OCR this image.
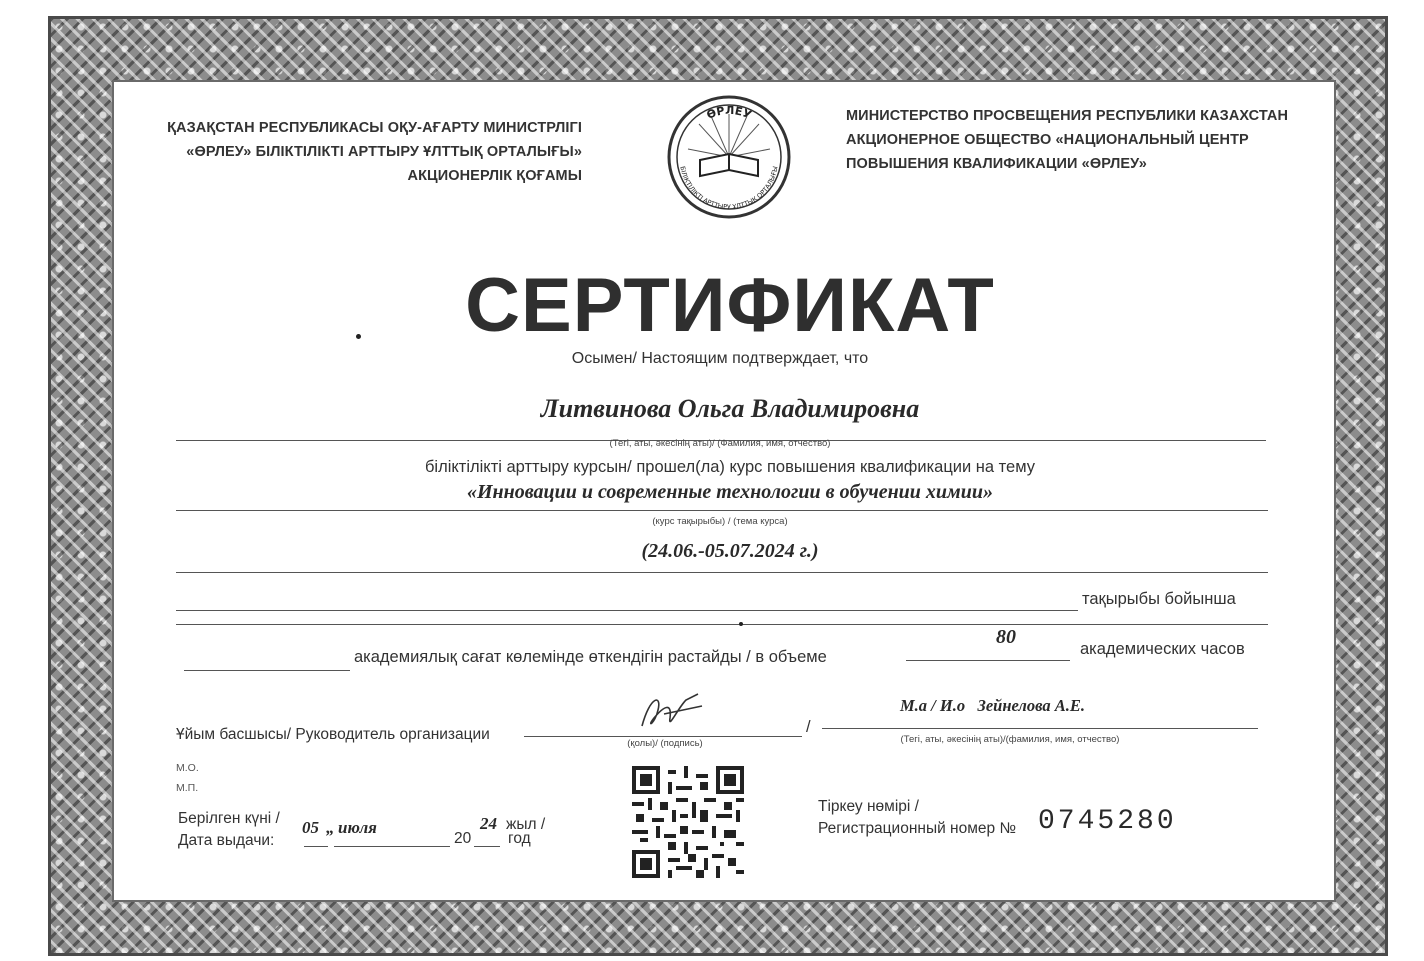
ҚАЗАҚСТАН РЕСПУБЛИКАСЫ ОҚУ-АҒАРТУ МИНИСТРЛІГІ
«ӨРЛЕУ» БІЛІКТІЛІКТІ АРТТЫРУ ҰЛТТЫҚ ОРТАЛЫҒЫ»
АКЦИОНЕРЛІК ҚОҒАМЫ
ӨРЛЕУ
БІЛІКТІЛІКТІ АРТТЫРУ ҰЛТТЫҚ ОРТАЛЫҒЫ
МИНИСТЕРСТВО ПРОСВЕЩЕНИЯ РЕСПУБЛИКИ КАЗАХСТАН
АКЦИОНЕРНОЕ ОБЩЕСТВО «НАЦИОНАЛЬНЫЙ ЦЕНТР
ПОВЫШЕНИЯ КВАЛИФИКАЦИИ «ӨРЛЕУ»
СЕРТИФИКАТ
Осымен/ Настоящим подтверждает, что
Литвинова Ольга Владимировна
(Тегі, аты, әкесінің аты)/ (Фамилия, имя, отчество)
біліктілікті арттыру курсын/ прошел(ла) курс повышения квалификации на тему
«Инновации и современные технологии в обучении химии»
(курс тақырыбы) / (тема курса)
(24.06.-05.07.2024 г.)
тақырыбы бойынша
академиялық сағат көлемінде өткендігін растайды / в объеме
80
академических часов
Ұйым басшысы/ Руководитель организации
(қолы)/ (подпись)
/
М.а / И.о   Зейнелова А.Е.
(Тегі, аты, әкесінің аты)/(фамилия, имя, отчество)
М.О.
М.П.
Берілген күні /
Дата выдачи:
05 „ июля
20
24 жыл /
год
Тіркеу нөмірі /
Регистрационный номер № 0745280
